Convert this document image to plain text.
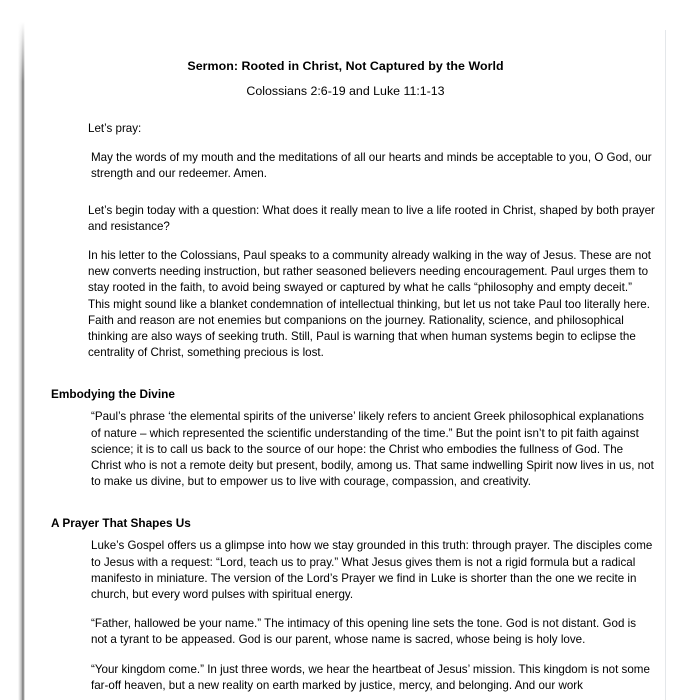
Sermon: Rooted in Christ, Not Captured by the World
Colossians 2:6-19 and Luke 11:1-13

Let’s pray:

May the words of my mouth and the meditations of all our hearts and minds be acceptable to you, O God, our strength and our redeemer. Amen.

Let’s begin today with a question: What does it really mean to live a life rooted in Christ, shaped by both prayer and resistance?

In his letter to the Colossians, Paul speaks to a community already walking in the way of Jesus. These are not new converts needing instruction, but rather seasoned believers needing encouragement. Paul urges them to stay rooted in the faith, to avoid being swayed or captured by what he calls “philosophy and empty deceit.” This might sound like a blanket condemnation of intellectual thinking, but let us not take Paul too literally here. Faith and reason are not enemies but companions on the journey. Rationality, science, and philosophical thinking are also ways of seeking truth. Still, Paul is warning that when human systems begin to eclipse the centrality of Christ, something precious is lost.

Embodying the Divine

“Paul’s phrase ‘the elemental spirits of the universe’ likely refers to ancient Greek philosophical explanations of nature – which represented the scientific understanding of the time.” But the point isn’t to pit faith against science; it is to call us back to the source of our hope: the Christ who embodies the fullness of God. The Christ who is not a remote deity but present, bodily, among us. That same indwelling Spirit now lives in us, not to make us divine, but to empower us to live with courage, compassion, and creativity.

A Prayer That Shapes Us

Luke’s Gospel offers us a glimpse into how we stay grounded in this truth: through prayer. The disciples come to Jesus with a request: “Lord, teach us to pray.” What Jesus gives them is not a rigid formula but a radical manifesto in miniature. The version of the Lord’s Prayer we find in Luke is shorter than the one we recite in church, but every word pulses with spiritual energy.

“Father, hallowed be your name.” The intimacy of this opening line sets the tone. God is not distant. God is not a tyrant to be appeased. God is our parent, whose name is sacred, whose being is holy love.

“Your kingdom come.” In just three words, we hear the heartbeat of Jesus’ mission. This kingdom is not some far-off heaven, but a new reality on earth marked by justice, mercy, and belonging. And our work
